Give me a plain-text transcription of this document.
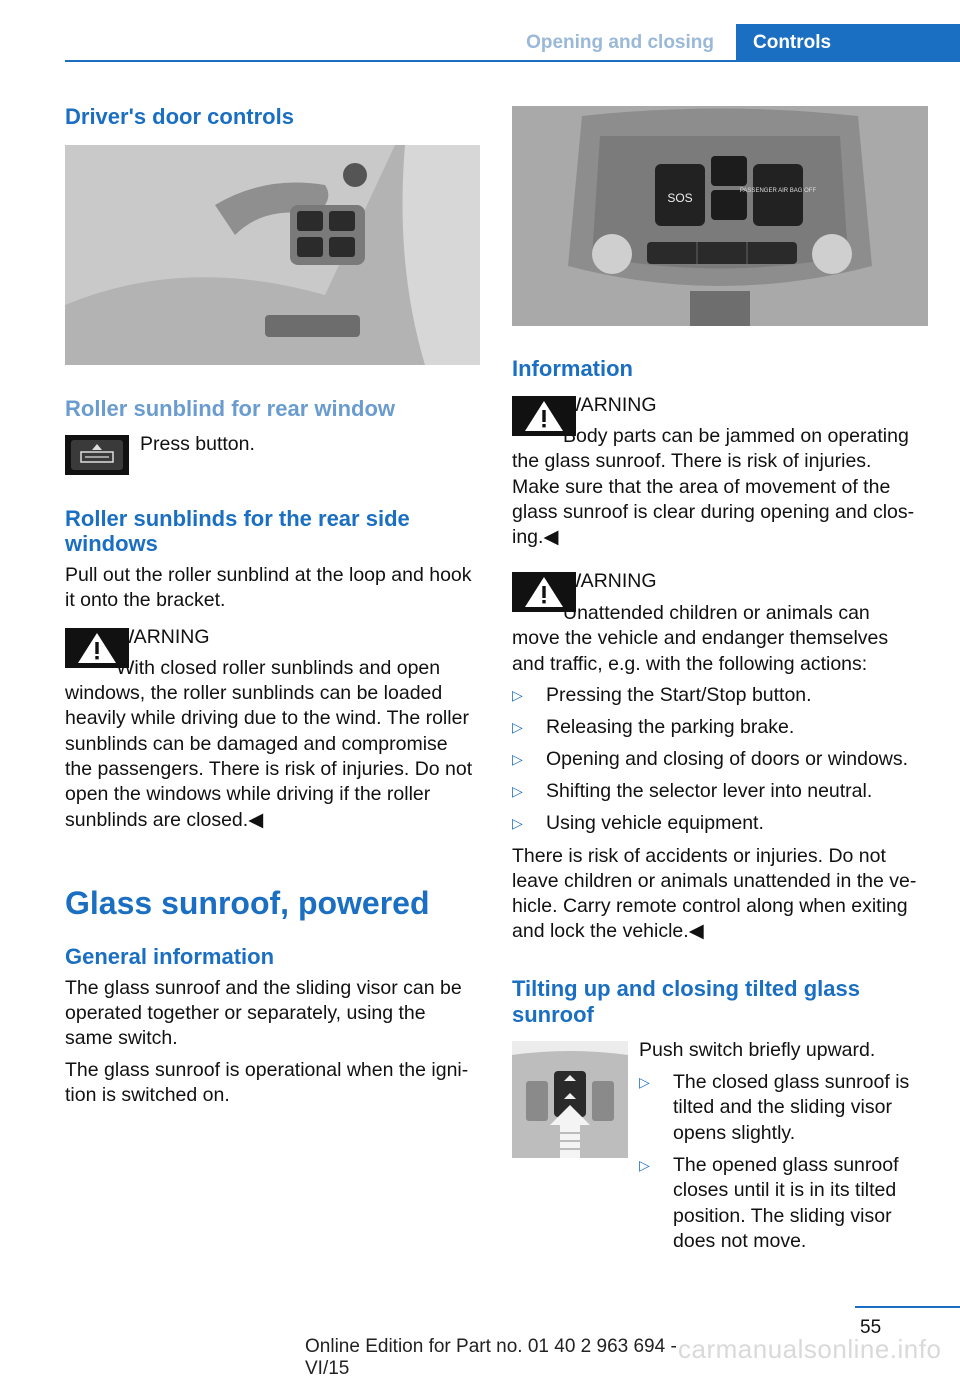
Opening and closing	Controls
Driver's door controls
Roller sunblind for rear window

Press button.

Roller sunblinds for the rear side
windows

Pull out the roller sunblind at the loop and hook

it onto the bracket.

WARNING

With closed roller sunblinds and open

windows, the roller sunblinds can be loaded

heavily while driving due to the wind. The roller

sunblinds can be damaged and compromise

the passengers. There is risk of injuries. Do not

open the windows while driving if the roller

sunblinds are closed.◀

Glass sunroof, powered
General information

The glass sunroof and the sliding visor can be

operated together or separately, using the

same switch.

The glass sunroof is operational when the igni‐

tion is switched on.

SOS	PASSENGER AIR BAG OFF
Information

WARNING

Body parts can be jammed on operating

the glass sunroof. There is risk of injuries.

Make sure that the area of movement of the

glass sunroof is clear during opening and clos‐

ing.◀

WARNING

Unattended children or animals can

move the vehicle and endanger themselves

and traffic, e.g. with the following actions:

▷ Pressing the Start/Stop button.
▷ Releasing the parking brake.
▷ Opening and closing of doors or windows.
▷ Shifting the selector lever into neutral.
▷ Using vehicle equipment.

There is risk of accidents or injuries. Do not

leave children or animals unattended in the ve‐

hicle. Carry remote control along when exiting

and lock the vehicle.◀

Tilting up and closing tilted glass
sunroof

Push switch briefly upward.

▷ The closed glass sunroof is
tilted and the sliding visor
opens slightly.
▷ The opened glass sunroof
closes until it is in its tilted
position. The sliding visor
does not move.
55
Online Edition for Part no. 01 40 2 963 694 - VI/15
carmanualsonline.info
